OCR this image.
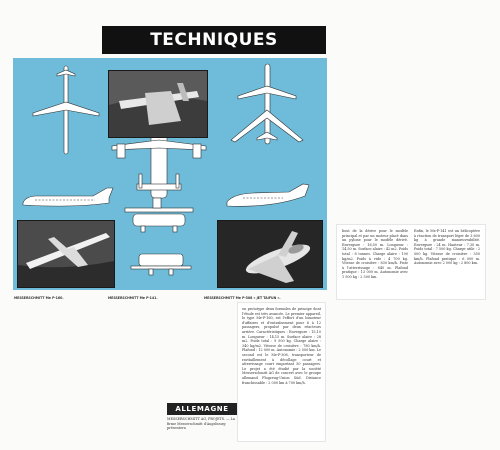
TECHNIQUES
MESSERSCHMITT Me P-160.	MESSERSCHMITT Me P-141.	MESSERSCHMITT Me P-308 « JET TAIFUN ».
bout de la dérive pour le modèle principal et par un moteur placé dans un pylone pour le modèle dérivé. Envergure : 16,50 m. Longueur : 14,50 m. Surface alaire : 42 m2. Poids total : 8 tonnes. Charge alaire : 190 kg/m2. Poids à vide : 4 700 kg. Vitesse de croisière : 830 km/h. Piste à l'atterrissage : 840 m. Plafond pratique : 13 000 m. Autonomie avec 1 500 kg : 2 500 km.
Enfin, le Me-P-141 est un hélicoptère à réaction de transport léger de 3 600 kg à grande manœuvrabilité. Envergure : 24 m. Hauteur : 7,30 m. Poids total : 7 500 kg. Charge utile : 2 000 kg. Vitesse de croisière : 550 km/h. Plafond pratique : 6 000 m. Autonomie avec 2 000 kg : 2 800 km.
en prototype deux formules de principe dont l'étude est très avancée. Le premier appareil, le type Me-P-160, est l'effort d'un bimoteur d'affaires et d'entraînement pour 6 à 12 passagers, propulsé par deux réacteurs arrière. Caractéristiques : Envergure : 15,10 m. Longueur : 14,15 m. Surface alaire : 28 m2. Poids total : 9 500 kg. Charge alaire : 340 kg/m2. Vitesse de croisière : 780 km/h. Plafond : 12 000 m. Autonomie : 2 500 km. Le second est le Me-P-308, transporteur de ravitaillement à décollage court et atterrissage court emportant 50 passagers. Le projet a été étudié par la société Messerschmitt AG de concert avec le groupe allemand Flugzeug-Union Süd. Distance franchissable : 2 000 km à 700 km/h.
ALLEMAGNE
MESSERSCHMITT AG, PROJETS. — La firme Messerschmitt d'Augsbourg présentera
